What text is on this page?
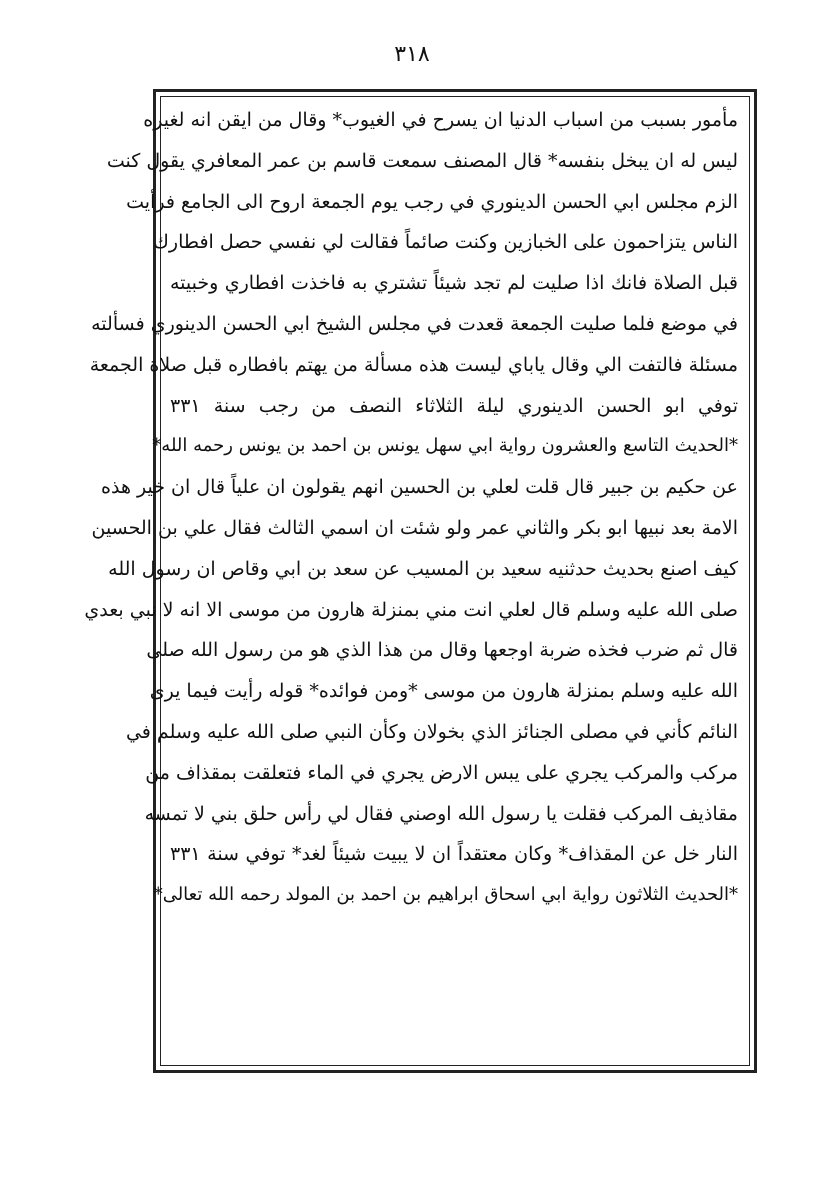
٣١٨
مأمور بسبب من اسباب الدنيا ان يسرح في الغيوب* وقال من ايقن انه لغيره
ليس له ان يبخل بنفسه* قال المصنف سمعت قاسم بن عمر المعافري يقول كنت
الزم مجلس ابي الحسن الدينوري في رجب يوم الجمعة اروح الى الجامع فرأيت
الناس يتزاحمون على الخبازين وكنت صائماً فقالت لي نفسي حصل افطارك
قبل الصلاة فانك اذا صليت لم تجد شيئاً تشتري به فاخذت افطاري وخبيته
في موضع فلما صليت الجمعة قعدت في مجلس الشيخ ابي الحسن الدينوري فسألته
مسئلة فالتفت الي وقال ياباي ليست هذه مسألة من يهتم بافطاره قبل صلاة الجمعة
توفي ابو الحسن الدينوري ليلة الثلاثاء النصف من رجب سنة ٣٣١
*الحديث التاسع والعشرون رواية ابي سهل يونس بن احمد بن يونس رحمه الله*
عن حكيم بن جبير قال قلت لعلي بن الحسين انهم يقولون ان علياً قال ان خير هذه
الامة بعد نبيها ابو بكر والثاني عمر ولو شئت ان اسمي الثالث فقال علي بن الحسين
كيف اصنع بحديث حدثنيه سعيد بن المسيب عن سعد بن ابي وقاص ان رسول الله
صلى الله عليه وسلم قال لعلي انت مني بمنزلة هارون من موسى الا انه لا نبي بعدي
قال ثم ضرب فخذه ضربة اوجعها وقال من هذا الذي هو من رسول الله صلى
الله عليه وسلم بمنزلة هارون من موسى *ومن فوائده* قوله رأيت فيما يرى
النائم كأني في مصلى الجنائز الذي بخولان وكأن النبي صلى الله عليه وسلم في
مركب والمركب يجري على يبس الارض يجري في الماء فتعلقت بمقذاف من
مقاذيف المركب فقلت يا رسول الله اوصني فقال لي رأس حلق بني لا تمسه
النار خل عن المقذاف* وكان معتقداً ان لا يبيت شيئاً لغد* توفي سنة ٣٣١
*الحديث الثلاثون رواية ابي اسحاق ابراهيم بن احمد بن المولد رحمه الله تعالى*
